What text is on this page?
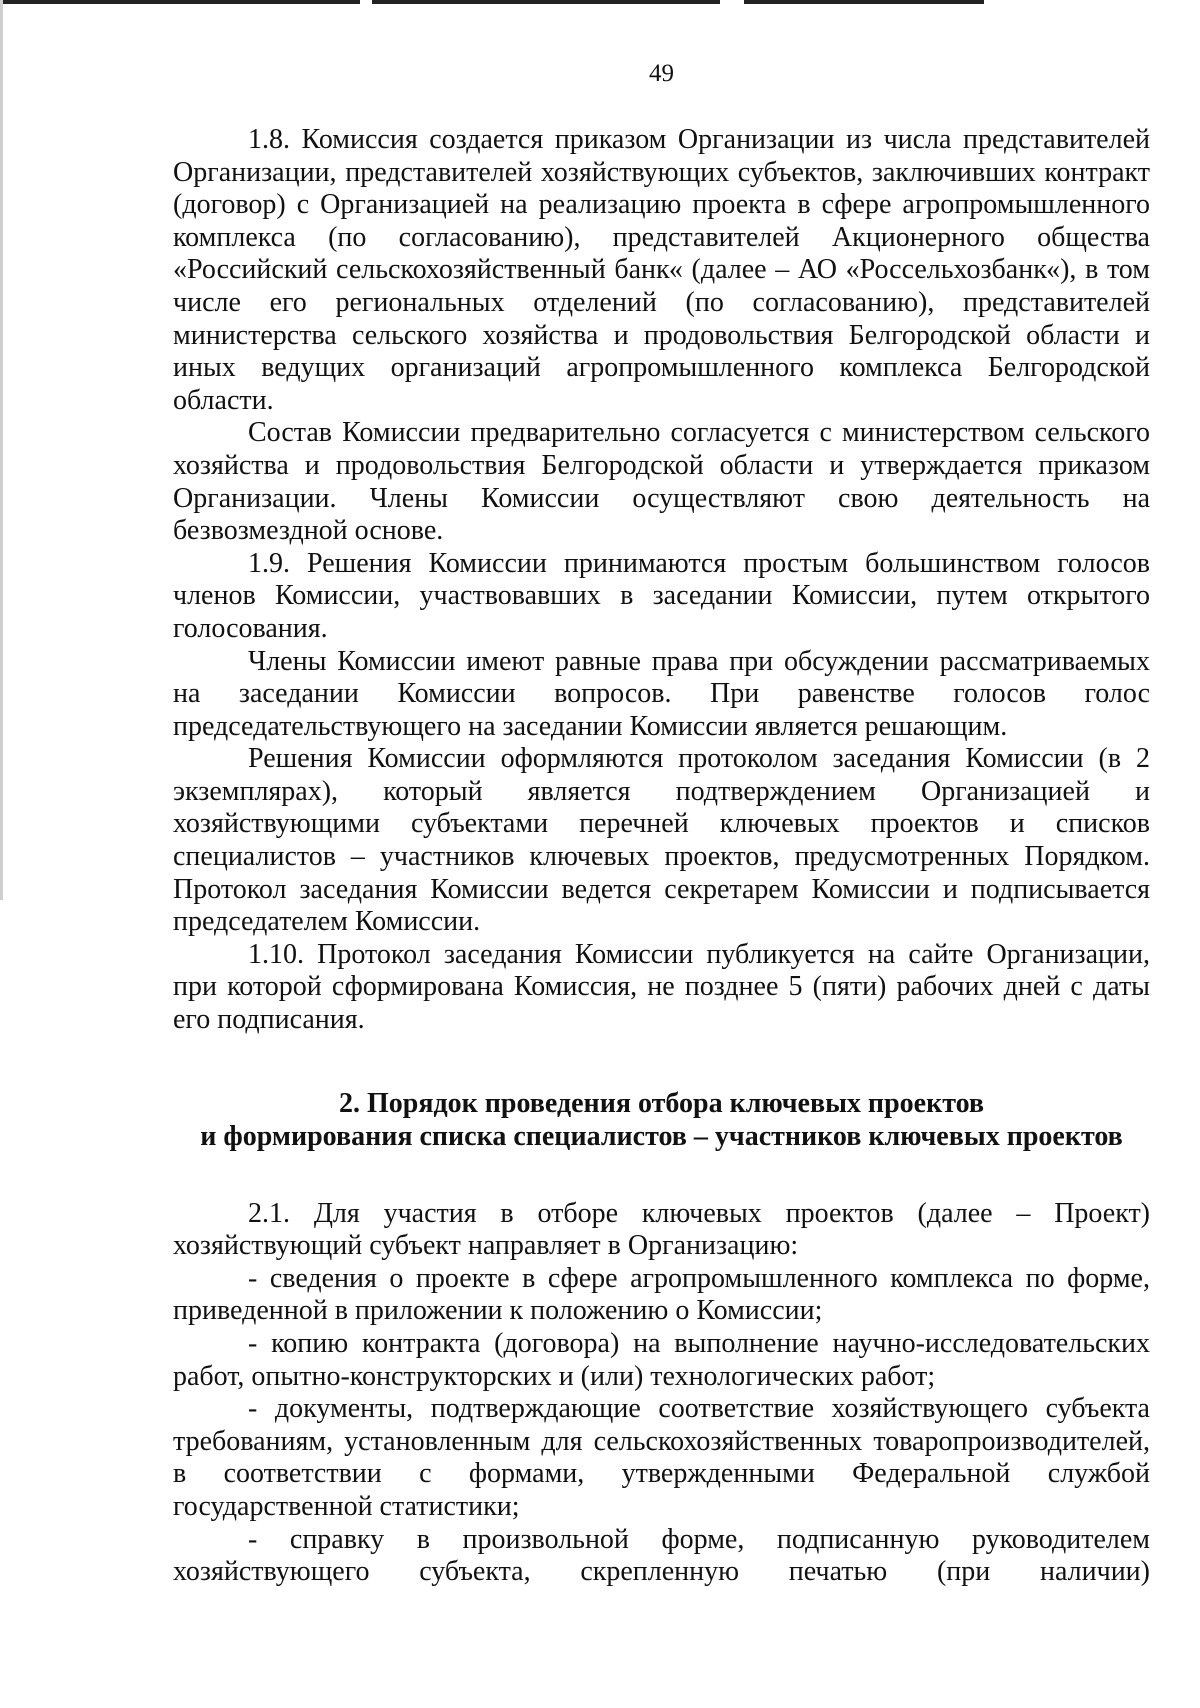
49

1.8. Комиссия создается приказом Организации из числа представителей Организации, представителей хозяйствующих субъектов, заключивших контракт (договор) с Организацией на реализацию проекта в сфере агропромышленного комплекса (по согласованию), представителей Акционерного общества «Российский сельскохозяйственный банк« (далее – АО «Россельхозбанк«), в том числе его региональных отделений (по согласованию), представителей министерства сельского хозяйства и продовольствия Белгородской области и иных ведущих организаций агропромышленного комплекса Белгородской области.

Состав Комиссии предварительно согласуется с министерством сельского хозяйства и продовольствия Белгородской области и утверждается приказом Организации. Члены Комиссии осуществляют свою деятельность на безвозмездной основе.

1.9. Решения Комиссии принимаются простым большинством голосов членов Комиссии, участвовавших в заседании Комиссии, путем открытого голосования.

Члены Комиссии имеют равные права при обсуждении рассматриваемых на заседании Комиссии вопросов. При равенстве голосов голос председательствующего на заседании Комиссии является решающим.

Решения Комиссии оформляются протоколом заседания Комиссии (в 2 экземплярах), который является подтверждением Организацией и хозяйствующими субъектами перечней ключевых проектов и списков специалистов – участников ключевых проектов, предусмотренных Порядком. Протокол заседания Комиссии ведется секретарем Комиссии и подписывается председателем Комиссии.

1.10. Протокол заседания Комиссии публикуется на сайте Организации, при которой сформирована Комиссия, не позднее 5 (пяти) рабочих дней с даты его подписания.

2. Порядок проведения отбора ключевых проектов
и формирования списка специалистов – участников ключевых проектов

2.1. Для участия в отборе ключевых проектов (далее – Проект) хозяйствующий субъект направляет в Организацию:

- сведения о проекте в сфере агропромышленного комплекса по форме, приведенной в приложении к положению о Комиссии;

- копию контракта (договора) на выполнение научно-исследовательских работ, опытно-конструкторских и (или) технологических работ;

- документы, подтверждающие соответствие хозяйствующего субъекта требованиям, установленным для сельскохозяйственных товаропроизводителей, в соответствии с формами, утвержденными Федеральной службой государственной статистики;

- справку в произвольной форме, подписанную руководителем хозяйствующего субъекта, скрепленную печатью (при наличии)
